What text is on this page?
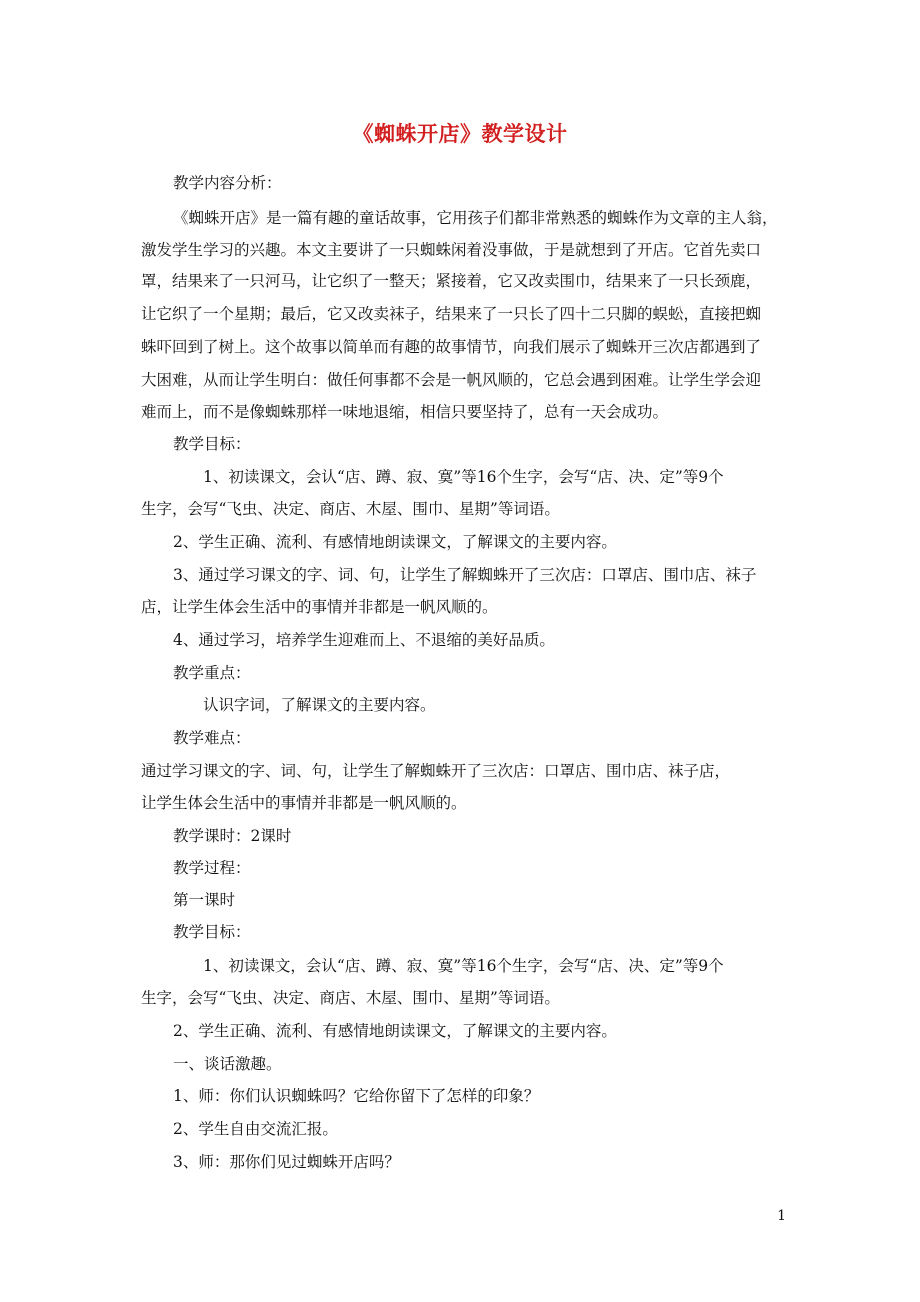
《蜘蛛开店》教学设计
教学内容分析：
《蜘蛛开店》是一篇有趣的童话故事，它用孩子们都非常熟悉的蜘蛛作为文章的主人翁，
激发学生学习的兴趣。本文主要讲了一只蜘蛛闲着没事做，于是就想到了开店。它首先卖口
罩，结果来了一只河马，让它织了一整天；紧接着，它又改卖围巾，结果来了一只长颈鹿，
让它织了一个星期；最后，它又改卖袜子，结果来了一只长了四十二只脚的蜈蚣，直接把蜘
蛛吓回到了树上。这个故事以简单而有趣的故事情节，向我们展示了蜘蛛开三次店都遇到了
大困难，从而让学生明白：做任何事都不会是一帆风顺的，它总会遇到困难。让学生学会迎
难而上，而不是像蜘蛛那样一味地退缩，相信只要坚持了，总有一天会成功。
教学目标：
1、初读课文，会认“店、蹲、寂、寞”等16个生字，会写“店、决、定”等9个
生字，会写“飞虫、决定、商店、木屋、围巾、星期”等词语。
2、学生正确、流利、有感情地朗读课文，了解课文的主要内容。
3、通过学习课文的字、词、句，让学生了解蜘蛛开了三次店：口罩店、围巾店、袜子
店，让学生体会生活中的事情并非都是一帆风顺的。
4、通过学习，培养学生迎难而上、不退缩的美好品质。
教学重点：
认识字词，了解课文的主要内容。
教学难点：
通过学习课文的字、词、句，让学生了解蜘蛛开了三次店：口罩店、围巾店、袜子店，
让学生体会生活中的事情并非都是一帆风顺的。
教学课时：2课时
教学过程：
第一课时
教学目标：
1、初读课文，会认“店、蹲、寂、寞”等16个生字，会写“店、决、定”等9个
生字，会写“飞虫、决定、商店、木屋、围巾、星期”等词语。
2、学生正确、流利、有感情地朗读课文，了解课文的主要内容。
一、谈话激趣。
1、师：你们认识蜘蛛吗？它给你留下了怎样的印象？
2、学生自由交流汇报。
3、师：那你们见过蜘蛛开店吗？
1
